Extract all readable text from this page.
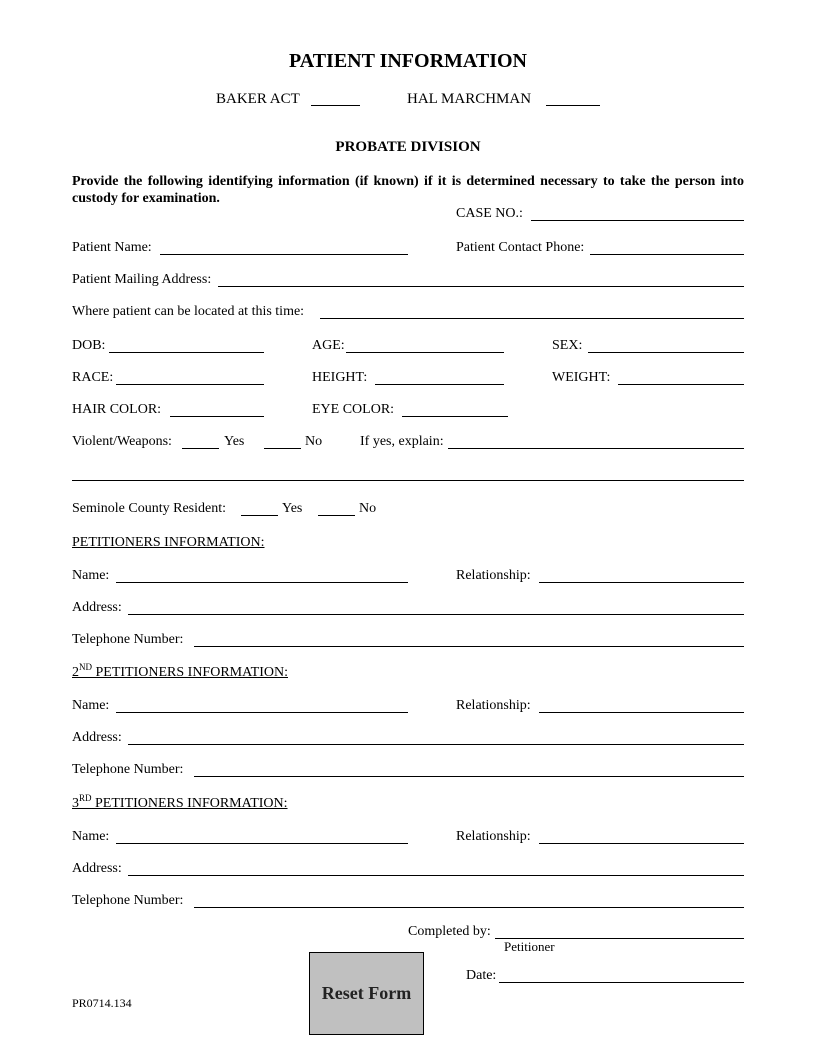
PATIENT INFORMATION
BAKER ACT	HAL MARCHMAN
PROBATE DIVISION
Provide the following identifying information (if known) if it is determined necessary to take the person into custody for examination.
CASE NO.:
Patient Name:	Patient Contact Phone:
Patient Mailing Address:
Where patient can be located at this time:
DOB:	AGE:	SEX:
RACE:	HEIGHT:	WEIGHT:
HAIR COLOR:	EYE COLOR:
Violent/Weapons:	Yes	No	If yes, explain:
Seminole County Resident:	Yes	No
PETITIONERS INFORMATION:
Name:	Relationship:
Address:
Telephone Number:
2ND PETITIONERS INFORMATION:
Name:	Relationship:
Address:
Telephone Number:
3RD PETITIONERS INFORMATION:
Name:	Relationship:
Address:
Telephone Number:
Completed by:
Petitioner
Date:
Reset Form
PR0714.134
